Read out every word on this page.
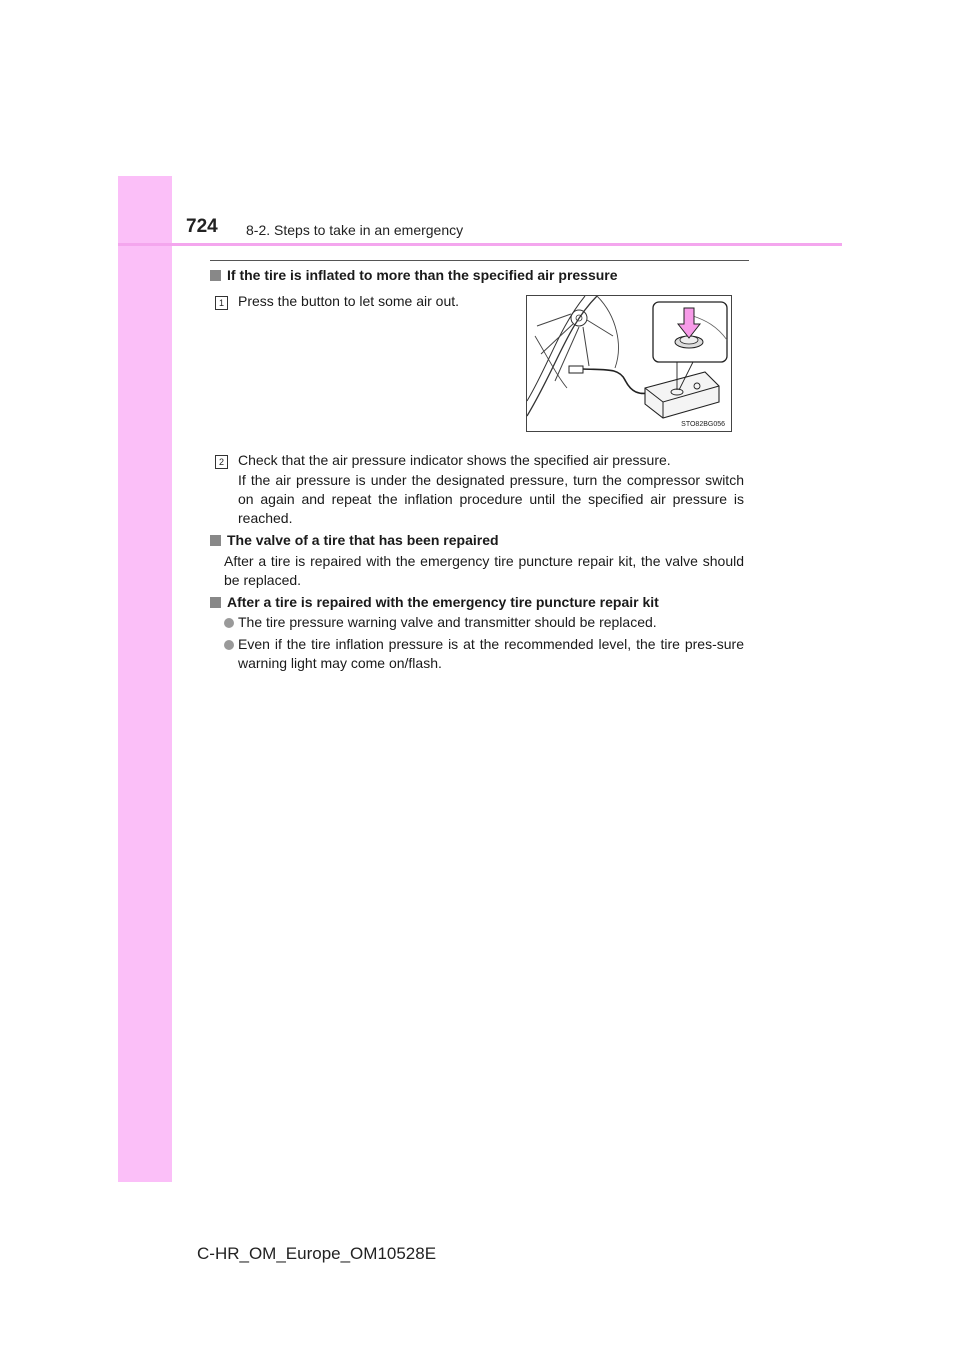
724 8-2. Steps to take in an emergency
If the tire is inflated to more than the specified air pressure
1 Press the button to let some air out.
STO82BG056
2 Check that the air pressure indicator shows the specified air pressure.
If the air pressure is under the designated pressure, turn the compressor switch on again and repeat the inflation procedure until the specified air pressure is reached.
The valve of a tire that has been repaired
After a tire is repaired with the emergency tire puncture repair kit, the valve should be replaced.
After a tire is repaired with the emergency tire puncture repair kit
The tire pressure warning valve and transmitter should be replaced.
Even if the tire inflation pressure is at the recommended level, the tire pres-sure warning light may come on/flash.
C-HR_OM_Europe_OM10528E
